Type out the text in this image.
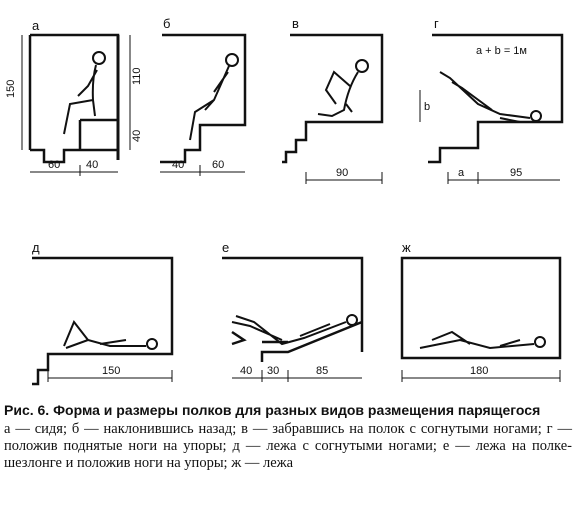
а
150
110
40
60 40
б
40	60
в
90
г
a + b = 1м
b
a	95
д
150
е
40 30	85
ж
180
Рис. 6. Форма и размеры полков для разных видов размещения парящегося
а — сидя; б — наклонившись назад; в — забравшись на полок с согнутыми ногами; г — положив поднятые ноги на упоры; д — лежа с согнутыми ногами; е — лежа на полке-шезлонге и положив ноги на упоры; ж — лежа
